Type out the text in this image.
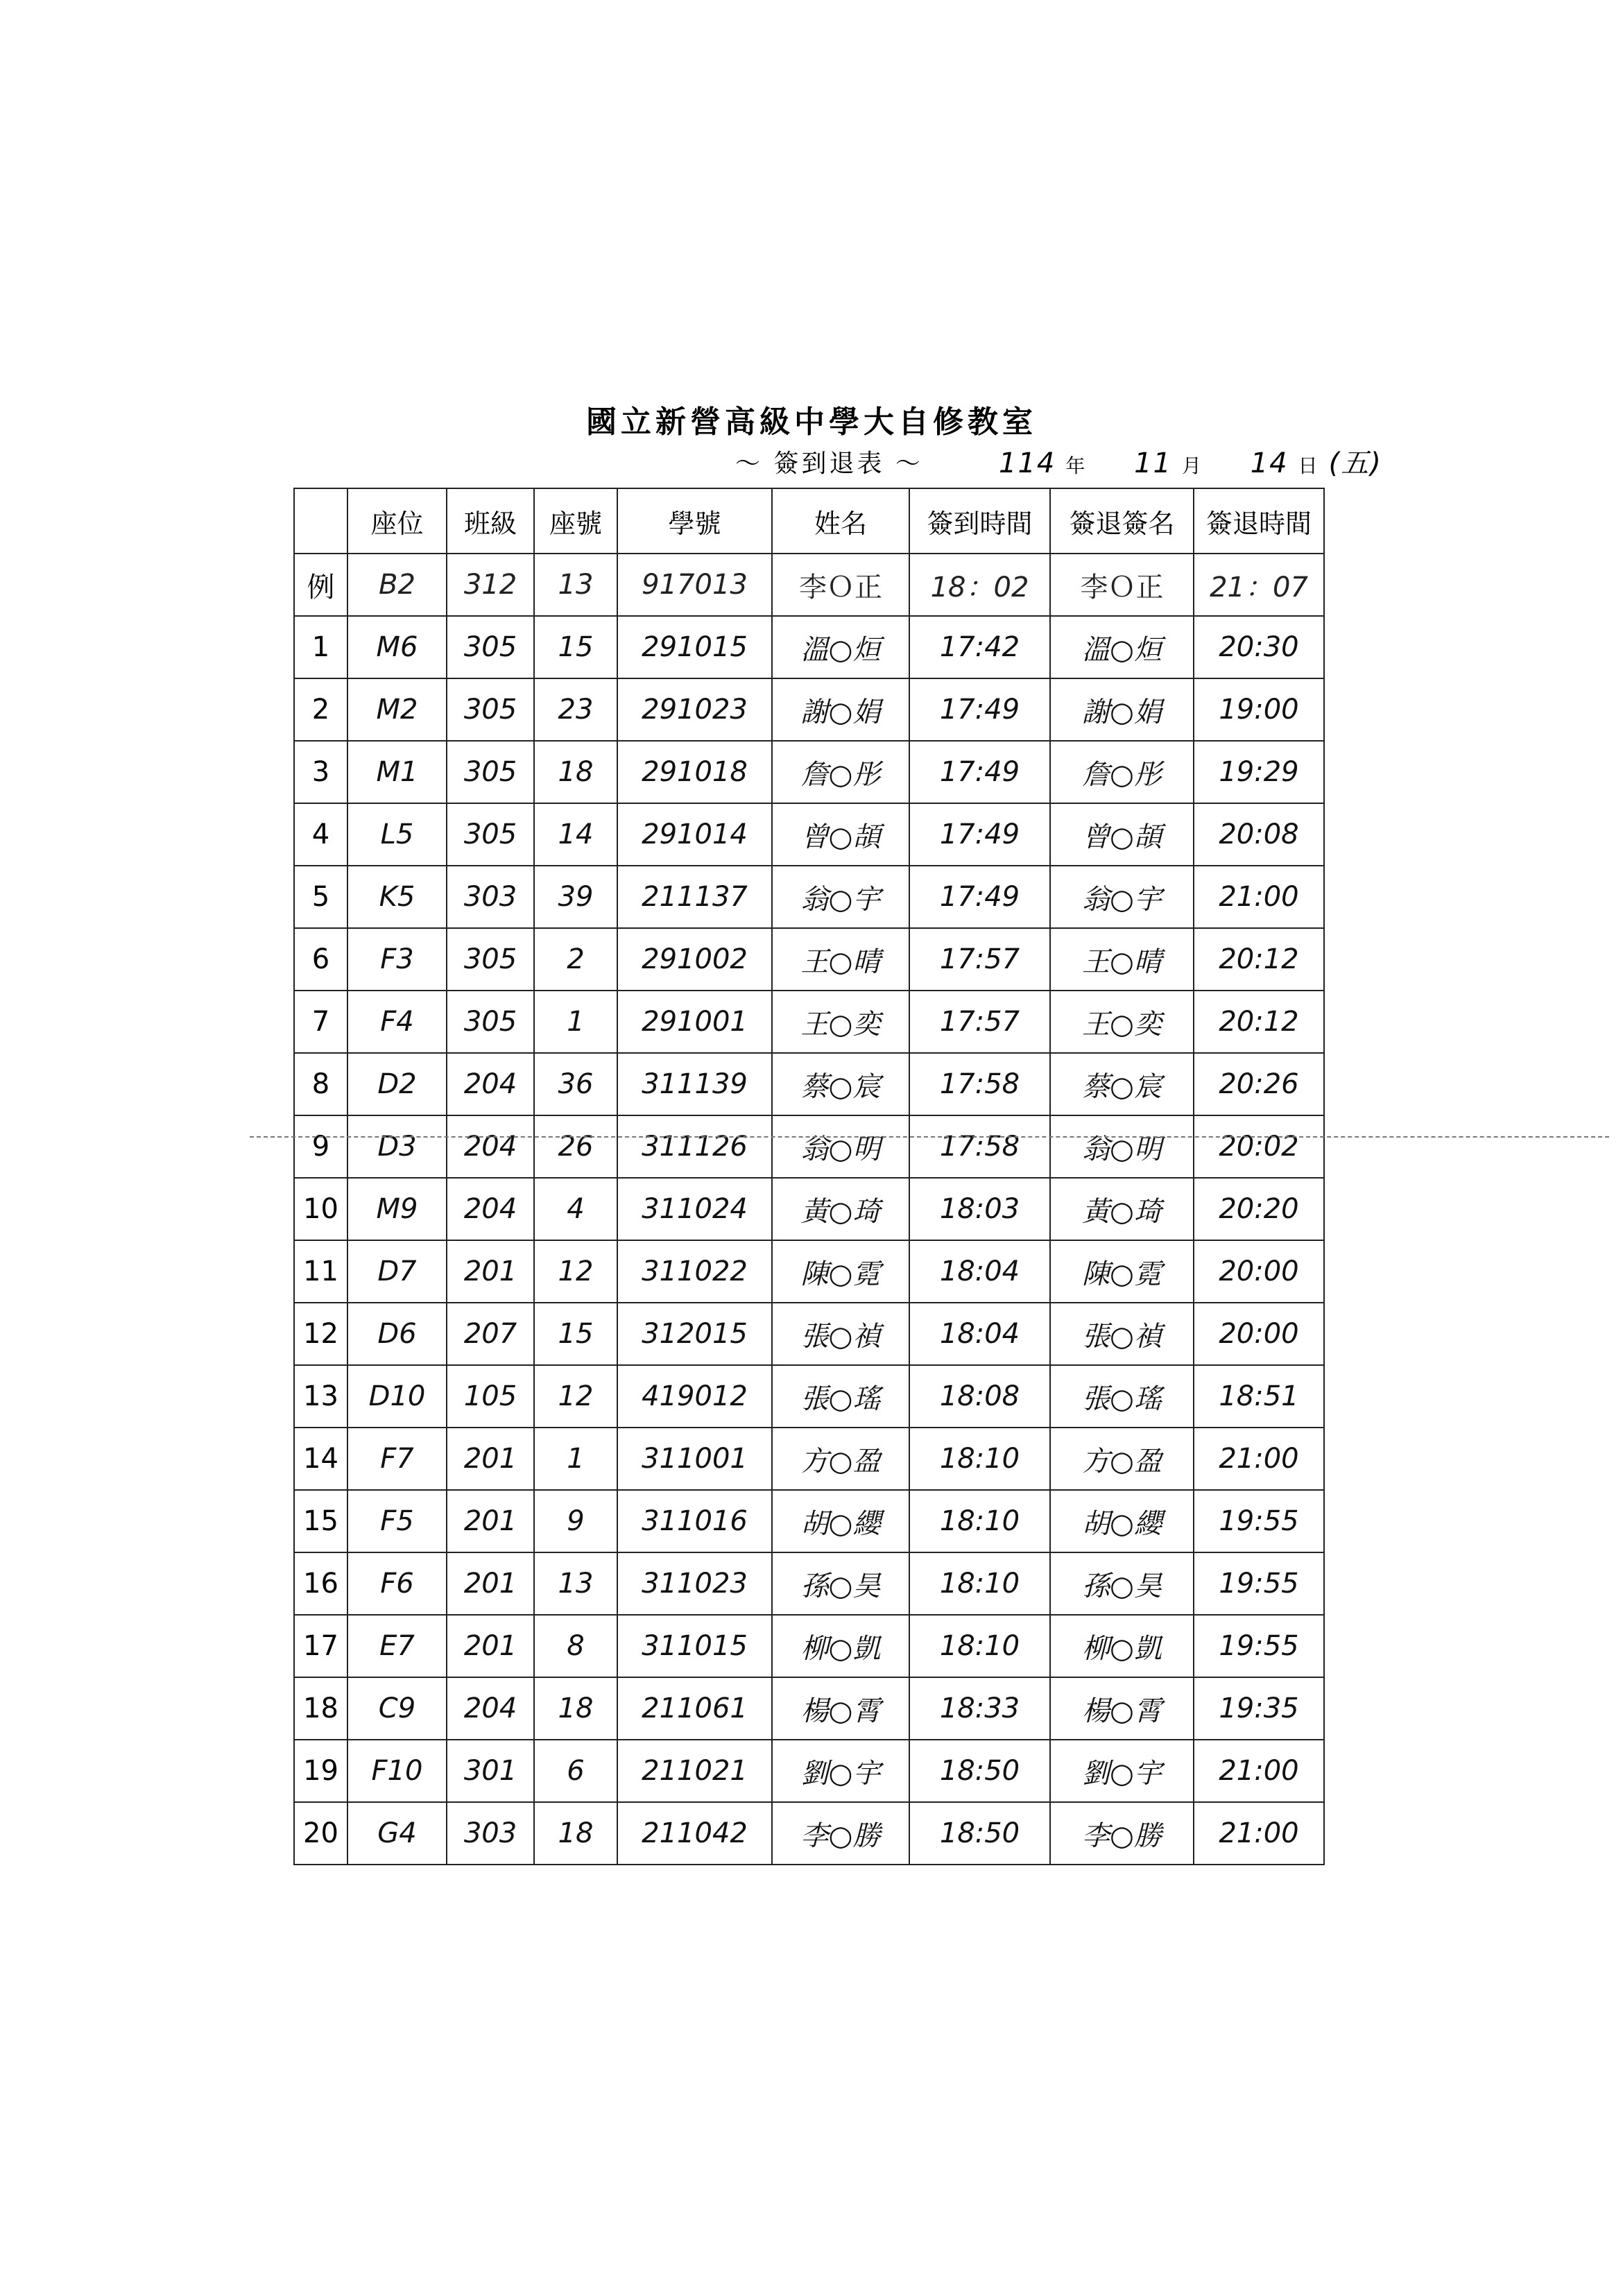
國立新營高級中學大自修教室
～ 簽到退表 ～	114 年 11 月 14 日 (五)
	座位	班級	座號	學號	姓名	簽到時間	簽退簽名	簽退時間
例	B2	312	13	917013	李Ｏ正	18：02	李Ｏ正	21：07
1	M6	305	15	291015	溫○烜	17:42	溫○烜	20:30
2	M2	305	23	291023	謝○娟	17:49	謝○娟	19:00
3	M1	305	18	291018	詹○彤	17:49	詹○彤	19:29
4	L5	305	14	291014	曾○頡	17:49	曾○頡	20:08
5	K5	303	39	211137	翁○宇	17:49	翁○宇	21:00
6	F3	305	2	291002	王○晴	17:57	王○晴	20:12
7	F4	305	1	291001	王○奕	17:57	王○奕	20:12
8	D2	204	36	311139	蔡○宸	17:58	蔡○宸	20:26
9	D3	204	26	311126	翁○明	17:58	翁○明	20:02
10	M9	204	4	311024	黃○琦	18:03	黃○琦	20:20
11	D7	201	12	311022	陳○霓	18:04	陳○霓	20:00
12	D6	207	15	312015	張○禎	18:04	張○禎	20:00
13	D10	105	12	419012	張○瑤	18:08	張○瑤	18:51
14	F7	201	1	311001	方○盈	18:10	方○盈	21:00
15	F5	201	9	311016	胡○纓	18:10	胡○纓	19:55
16	F6	201	13	311023	孫○昊	18:10	孫○昊	19:55
17	E7	201	8	311015	柳○凱	18:10	柳○凱	19:55
18	C9	204	18	211061	楊○霄	18:33	楊○霄	19:35
19	F10	301	6	211021	劉○宇	18:50	劉○宇	21:00
20	G4	303	18	211042	李○勝	18:50	李○勝	21:00
